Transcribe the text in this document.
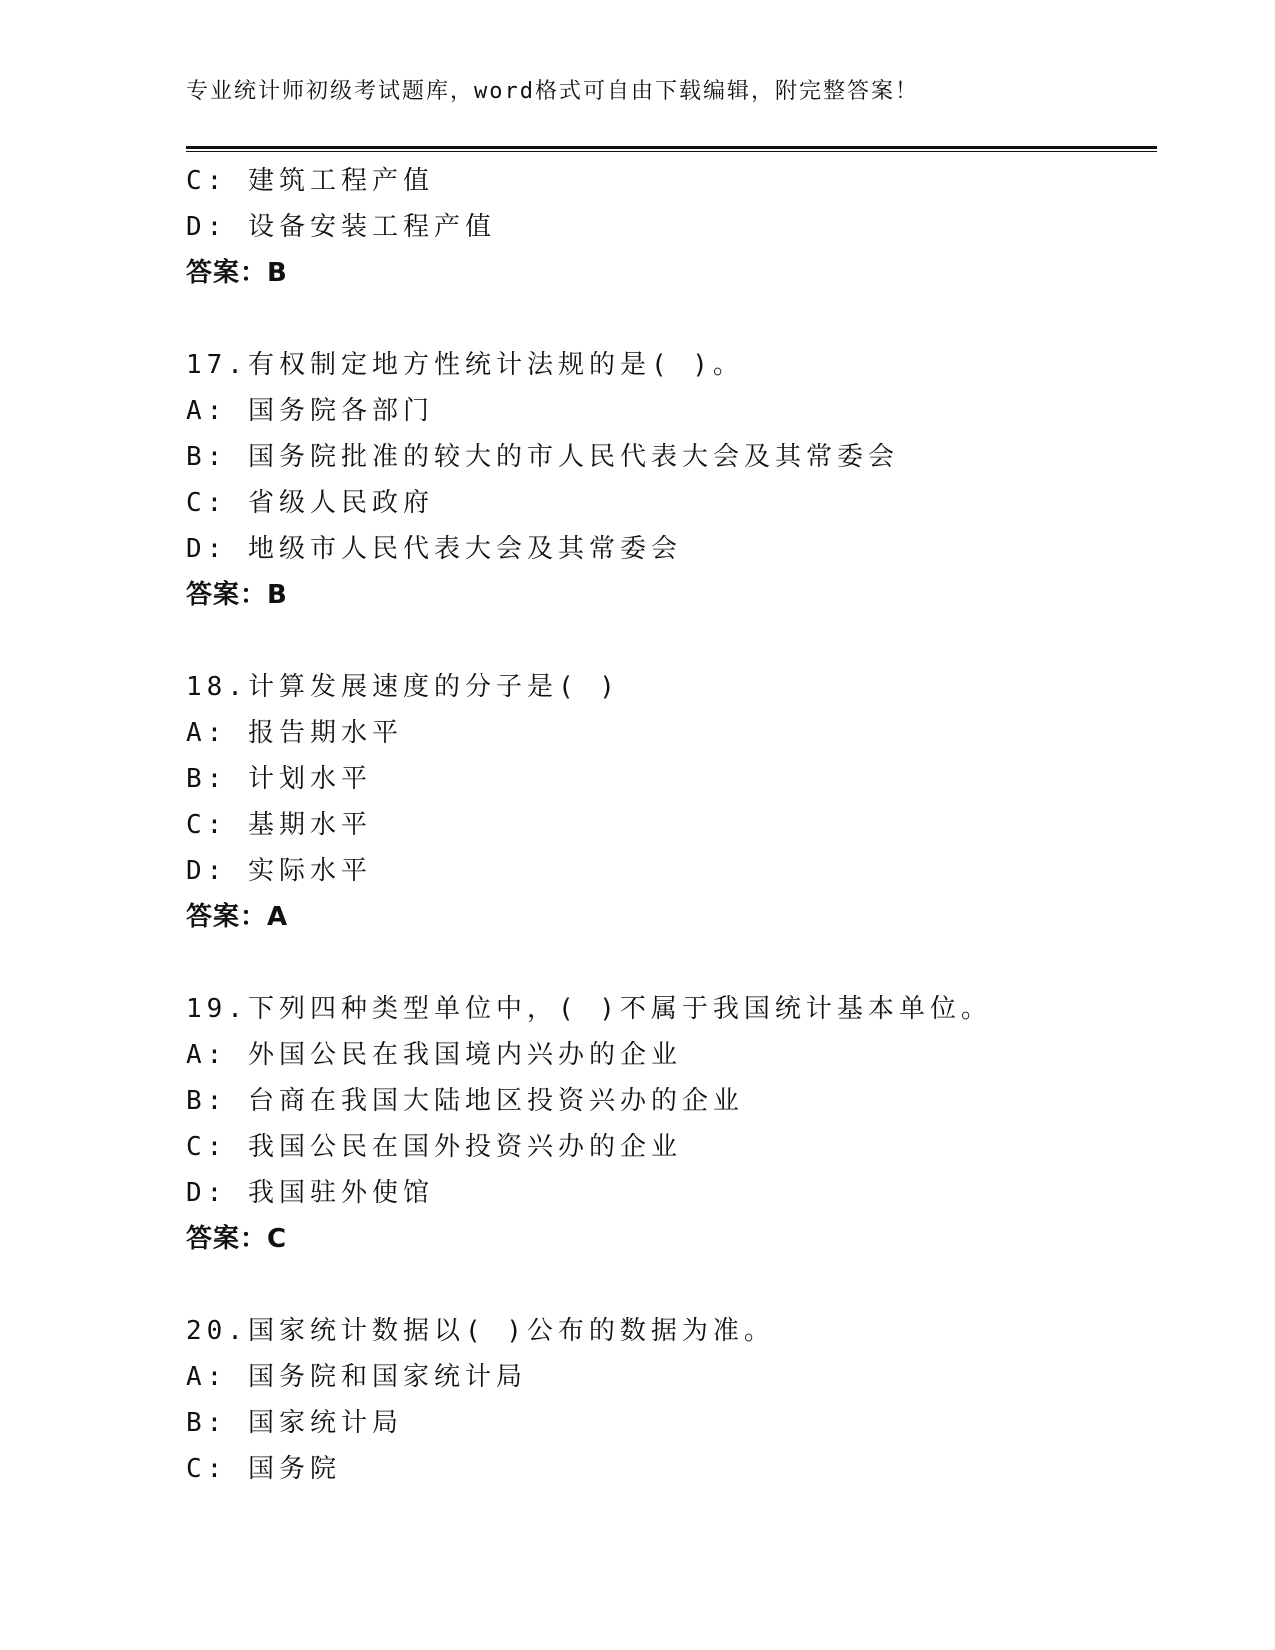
专业统计师初级考试题库，word格式可自由下载编辑，附完整答案！
C: 建筑工程产值
D: 设备安装工程产值
答案：B
17.有权制定地方性统计法规的是( )。
A: 国务院各部门
B: 国务院批准的较大的市人民代表大会及其常委会
C: 省级人民政府
D: 地级市人民代表大会及其常委会
答案：B
18.计算发展速度的分子是( )
A: 报告期水平
B: 计划水平
C: 基期水平
D: 实际水平
答案：A
19.下列四种类型单位中，( )不属于我国统计基本单位。
A: 外国公民在我国境内兴办的企业
B: 台商在我国大陆地区投资兴办的企业
C: 我国公民在国外投资兴办的企业
D: 我国驻外使馆
答案：C
20.国家统计数据以( )公布的数据为准。
A: 国务院和国家统计局
B: 国家统计局
C: 国务院
